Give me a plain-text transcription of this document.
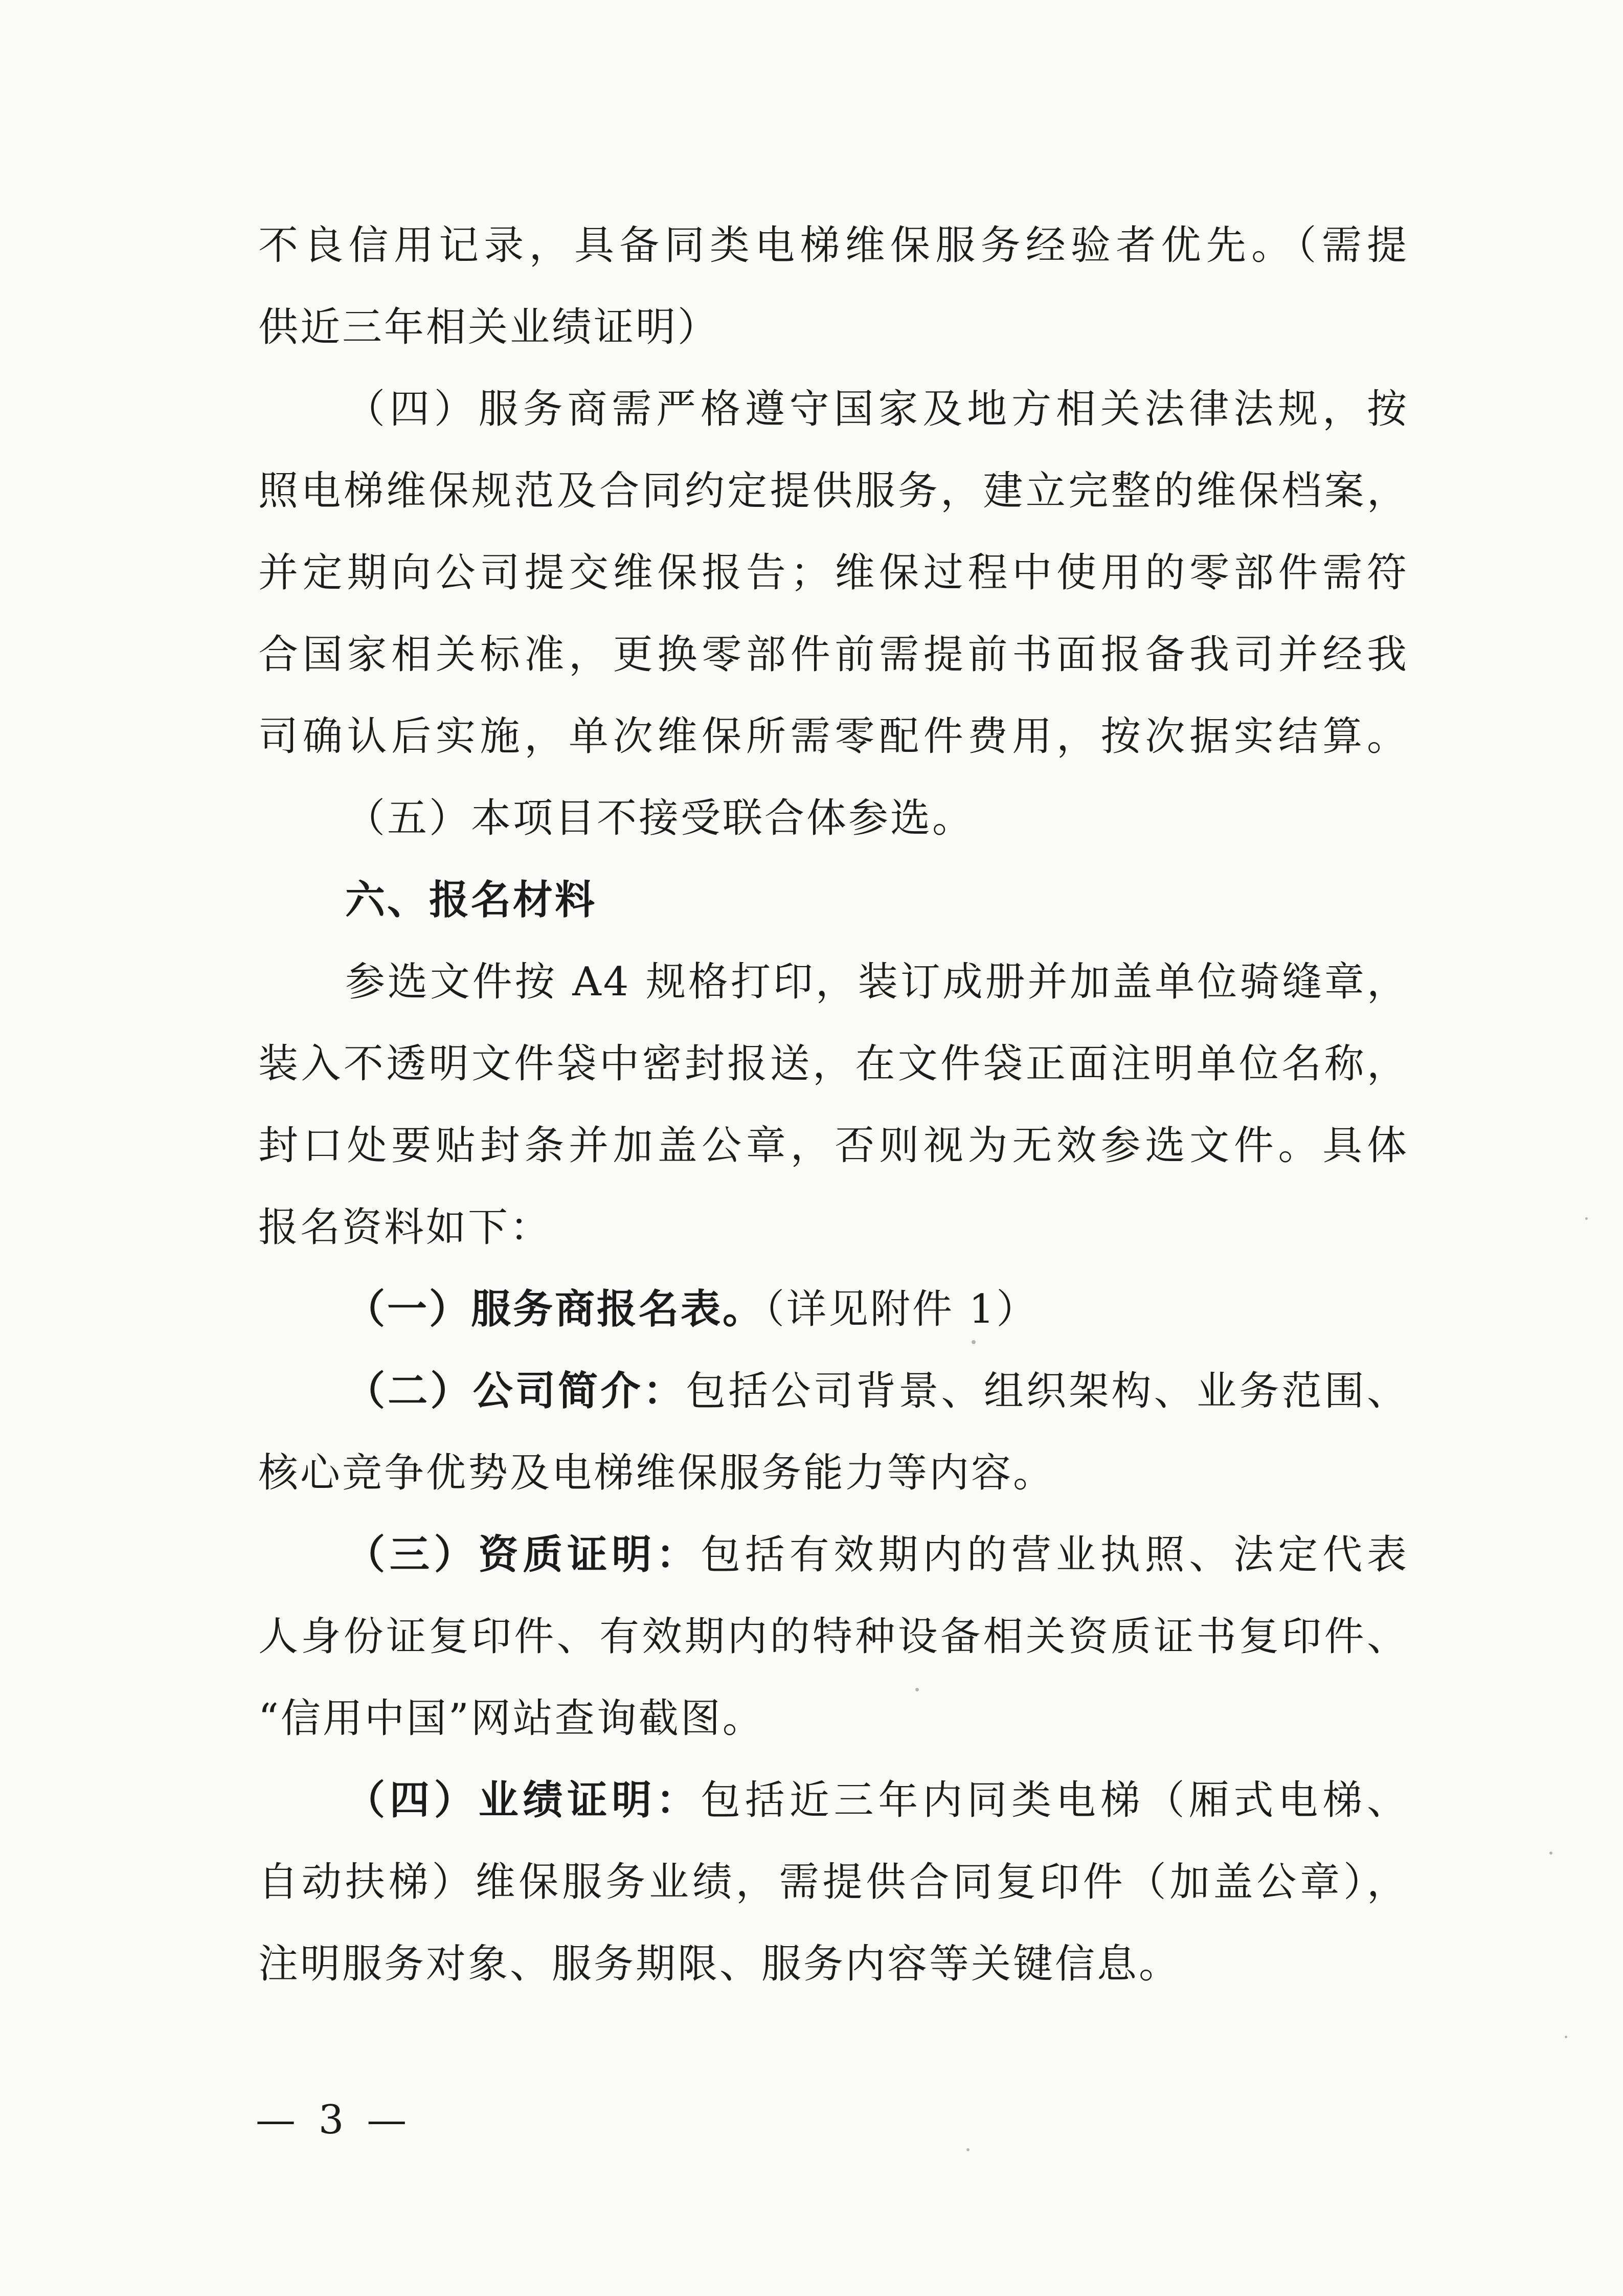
不良信用记录，具备同类电梯维保服务经验者优先。（需提
供近三年相关业绩证明）
（四）服务商需严格遵守国家及地方相关法律法规，按
照电梯维保规范及合同约定提供服务，建立完整的维保档案，
并定期向公司提交维保报告；维保过程中使用的零部件需符
合国家相关标准，更换零部件前需提前书面报备我司并经我
司确认后实施，单次维保所需零配件费用，按次据实结算。
（五）本项目不接受联合体参选。
六、报名材料
参选文件按 A4 规格打印，装订成册并加盖单位骑缝章，
装入不透明文件袋中密封报送，在文件袋正面注明单位名称，
封口处要贴封条并加盖公章，否则视为无效参选文件。具体
报名资料如下：
（一）服务商报名表。（详见附件 1）
（二）公司简介：包括公司背景、组织架构、业务范围、
核心竞争优势及电梯维保服务能力等内容。
（三）资质证明：包括有效期内的营业执照、法定代表
人身份证复印件、有效期内的特种设备相关资质证书复印件、
“信用中国”网站查询截图。
（四）业绩证明：包括近三年内同类电梯（厢式电梯、
自动扶梯）维保服务业绩，需提供合同复印件（加盖公章），
注明服务对象、服务期限、服务内容等关键信息。
— 3 —
